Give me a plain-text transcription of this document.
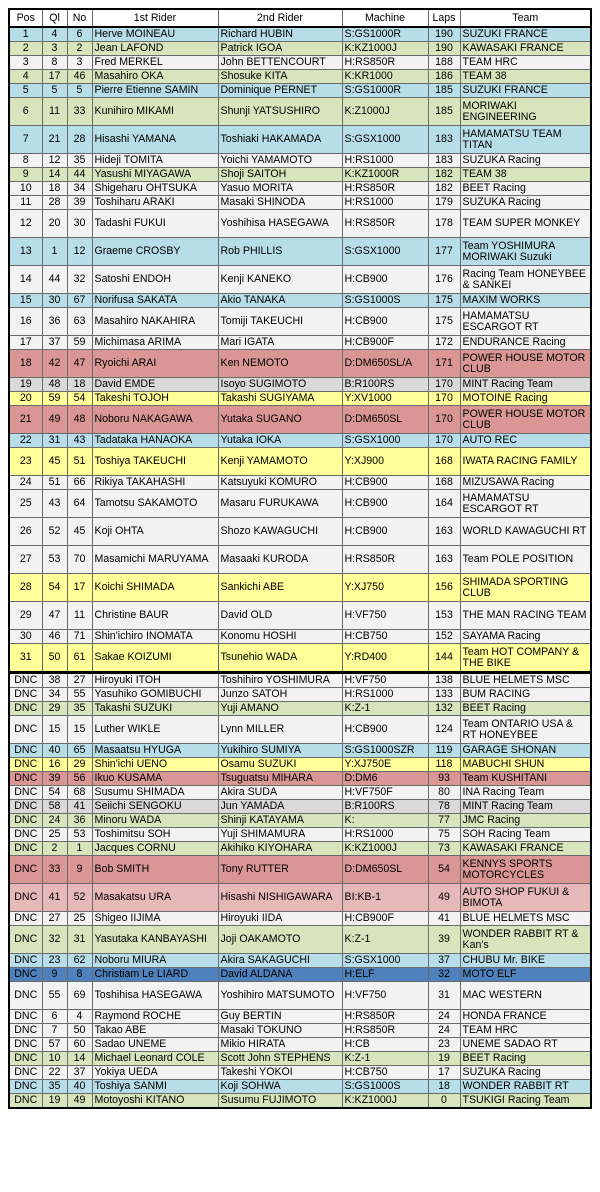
Pos	Ql	No	1st Rider	2nd Rider	Machine	Laps	Team
1	4	6	Herve MOINEAU	Richard HUBIN	S:GS1000R	190	SUZUKI FRANCE
2	3	2	Jean LAFOND	Patrick IGOA	K:KZ1000J	190	KAWASAKI FRANCE
3	8	3	Fred MERKEL	John BETTENCOURT	H:RS850R	188	TEAM HRC
4	17	46	Masahiro OKA	Shosuke KITA	K:KR1000	186	TEAM 38
5	5	5	Pierre Etienne SAMIN	Dominique PERNET	S:GS1000R	185	SUZUKI FRANCE
6	11	33	Kunihiro MIKAMI	Shunji YATSUSHIRO	K:Z1000J	185	MORIWAKI ENGINEERING
7	21	28	Hisashi YAMANA	Toshiaki HAKAMADA	S:GSX1000	183	HAMAMATSU TEAM TITAN
8	12	35	Hideji TOMITA	Yoichi YAMAMOTO	H:RS1000	183	SUZUKA Racing
9	14	44	Yasushi MIYAGAWA	Shoji SAITOH	K:KZ1000R	182	TEAM 38
10	18	34	Shigeharu OHTSUKA	Yasuo MORITA	H:RS850R	182	BEET Racing
11	28	39	Toshiharu ARAKI	Masaki SHINODA	H:RS1000	179	SUZUKA Racing
12	20	30	Tadashi FUKUI	Yoshihisa HASEGAWA	H:RS850R	178	TEAM SUPER MONKEY
13	1	12	Graeme CROSBY	Rob PHILLIS	S:GSX1000	177	Team YOSHIMURA MORIWAKI Suzuki
14	44	32	Satoshi ENDOH	Kenji KANEKO	H:CB900	176	Racing Team HONEYBEE & SANKEI
15	30	67	Norifusa SAKATA	Akio TANAKA	S:GS1000S	175	MAXIM WORKS
16	36	63	Masahiro NAKAHIRA	Tomiji TAKEUCHI	H:CB900	175	HAMAMATSU ESCARGOT RT
17	37	59	Michimasa ARIMA	Mari IGATA	H:CB900F	172	ENDURANCE Racing
18	42	47	Ryoichi ARAI	Ken NEMOTO	D:DM650SL/A	171	POWER HOUSE MOTOR CLUB
19	48	18	David EMDE	Isoyo SUGIMOTO	B:R100RS	170	MINT Racing Team
20	59	54	Takeshi TOJOH	Takashi SUGIYAMA	Y:XV1000	170	MOTOINE Racing
21	49	48	Noboru NAKAGAWA	Yutaka SUGANO	D:DM650SL	170	POWER HOUSE MOTOR CLUB
22	31	43	Tadataka HANAOKA	Yutaka IOKA	S:GSX1000	170	AUTO REC
23	45	51	Toshiya TAKEUCHI	Kenji YAMAMOTO	Y:XJ900	168	IWATA RACING FAMILY
24	51	66	Rikiya TAKAHASHI	Katsuyuki KOMURO	H:CB900	168	MIZUSAWA Racing
25	43	64	Tamotsu SAKAMOTO	Masaru FURUKAWA	H:CB900	164	HAMAMATSU ESCARGOT RT
26	52	45	Koji OHTA	Shozo KAWAGUCHI	H:CB900	163	WORLD KAWAGUCHI RT
27	53	70	Masamichi MARUYAMA	Masaaki KURODA	H:RS850R	163	Team POLE POSITION
28	54	17	Koichi SHIMADA	Sankichi ABE	Y:XJ750	156	SHIMADA SPORTING CLUB
29	47	11	Christine BAUR	David OLD	H:VF750	153	THE MAN RACING TEAM
30	46	71	Shin'ichiro INOMATA	Konomu HOSHI	H:CB750	152	SAYAMA Racing
31	50	61	Sakae KOIZUMI	Tsunehio WADA	Y:RD400	144	Team HOT COMPANY & THE BIKE
DNC	38	27	Hiroyuki ITOH	Toshihiro YOSHIMURA	H:VF750	138	BLUE HELMETS MSC
DNC	34	55	Yasuhiko GOMIBUCHI	Junzo SATOH	H:RS1000	133	BUM RACING
DNC	29	35	Takashi SUZUKI	Yuji AMANO	K:Z-1	132	BEET Racing
DNC	15	15	Luther WIKLE	Lynn MILLER	H:CB900	124	Team ONTARIO USA & RT HONEYBEE
DNC	40	65	Masaatsu HYUGA	Yukihiro SUMIYA	S:GS1000SZR	119	GARAGE SHONAN
DNC	16	29	Shin'ichi UENO	Osamu SUZUKI	Y:XJ750E	118	MABUCHI SHUN
DNC	39	56	Ikuo KUSAMA	Tsuguatsu MIHARA	D:DM6	93	Team KUSHITANI
DNC	54	68	Susumu SHIMADA	Akira SUDA	H:VF750F	80	INA Racing Team
DNC	58	41	Seiichi SENGOKU	Jun YAMADA	B:R100RS	78	MINT Racing Team
DNC	24	36	Minoru WADA	Shinji KATAYAMA	K:	77	JMC Racing
DNC	25	53	Toshimitsu SOH	Yuji SHIMAMURA	H:RS1000	75	SOH Racing Team
DNC	2	1	Jacques CORNU	Akihiko KIYOHARA	K:KZ1000J	73	KAWASAKI FRANCE
DNC	33	9	Bob SMITH	Tony RUTTER	D:DM650SL	54	KENNYS SPORTS MOTORCYCLES
DNC	41	52	Masakatsu URA	Hisashi NISHIGAWARA	BI:KB-1	49	AUTO SHOP FUKUI & BIMOTA
DNC	27	25	Shigeo IIJIMA	Hiroyuki IIDA	H:CB900F	41	BLUE HELMETS MSC
DNC	32	31	Yasutaka KANBAYASHI	Joji OAKAMOTO	K:Z-1	39	WONDER RABBIT RT & Kan's
DNC	23	62	Noboru MIURA	Akira SAKAGUCHI	S:GSX1000	37	CHUBU Mr. BIKE
DNC	9	8	Christiam Le LIARD	David ALDANA	H:ELF	32	MOTO ELF
DNC	55	69	Toshihisa HASEGAWA	Yoshihiro MATSUMOTO	H:VF750	31	MAC WESTERN
DNC	6	4	Raymond ROCHE	Guy BERTIN	H:RS850R	24	HONDA FRANCE
DNC	7	50	Takao ABE	Masaki TOKUNO	H:RS850R	24	TEAM HRC
DNC	57	60	Sadao UNEME	Mikio HIRATA	H:CB	23	UNEME SADAO RT
DNC	10	14	Michael Leonard COLE	Scott John STEPHENS	K:Z-1	19	BEET Racing
DNC	22	37	Yokiya UEDA	Takeshi YOKOI	H:CB750	17	SUZUKA Racing
DNC	35	40	Toshiya SANMI	Koji SOHWA	S:GS1000S	18	WONDER RABBIT RT
DNC	19	49	Motoyoshi KITANO	Susumu FUJIMOTO	K:KZ1000J	0	TSUKIGI Racing Team
